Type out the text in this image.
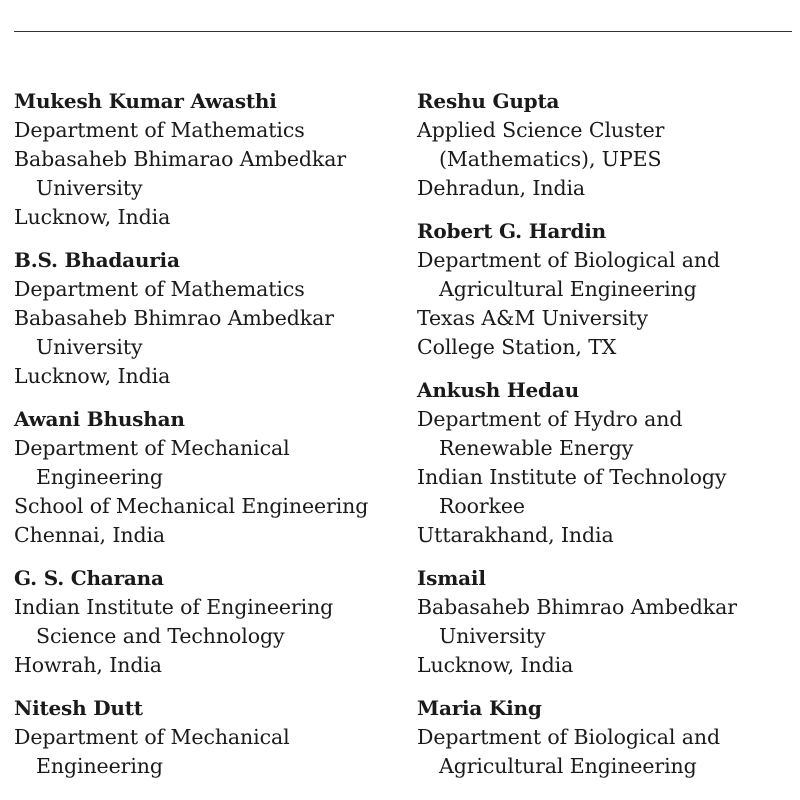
Mukesh Kumar Awasthi
Department of Mathematics
Babasaheb Bhimarao Ambedkar
University
Lucknow, India
B.S. Bhadauria
Department of Mathematics
Babasaheb Bhimrao Ambedkar
University
Lucknow, India
Awani Bhushan
Department of Mechanical
Engineering
School of Mechanical Engineering
Chennai, India
G. S. Charana
Indian Institute of Engineering
Science and Technology
Howrah, India
Nitesh Dutt
Department of Mechanical
Engineering
Reshu Gupta
Applied Science Cluster
(Mathematics), UPES
Dehradun, India
Robert G. Hardin
Department of Biological and
Agricultural Engineering
Texas A&M University
College Station, TX
Ankush Hedau
Department of Hydro and
Renewable Energy
Indian Institute of Technology
Roorkee
Uttarakhand, India
Ismail
Babasaheb Bhimrao Ambedkar
University
Lucknow, India
Maria King
Department of Biological and
Agricultural Engineering
